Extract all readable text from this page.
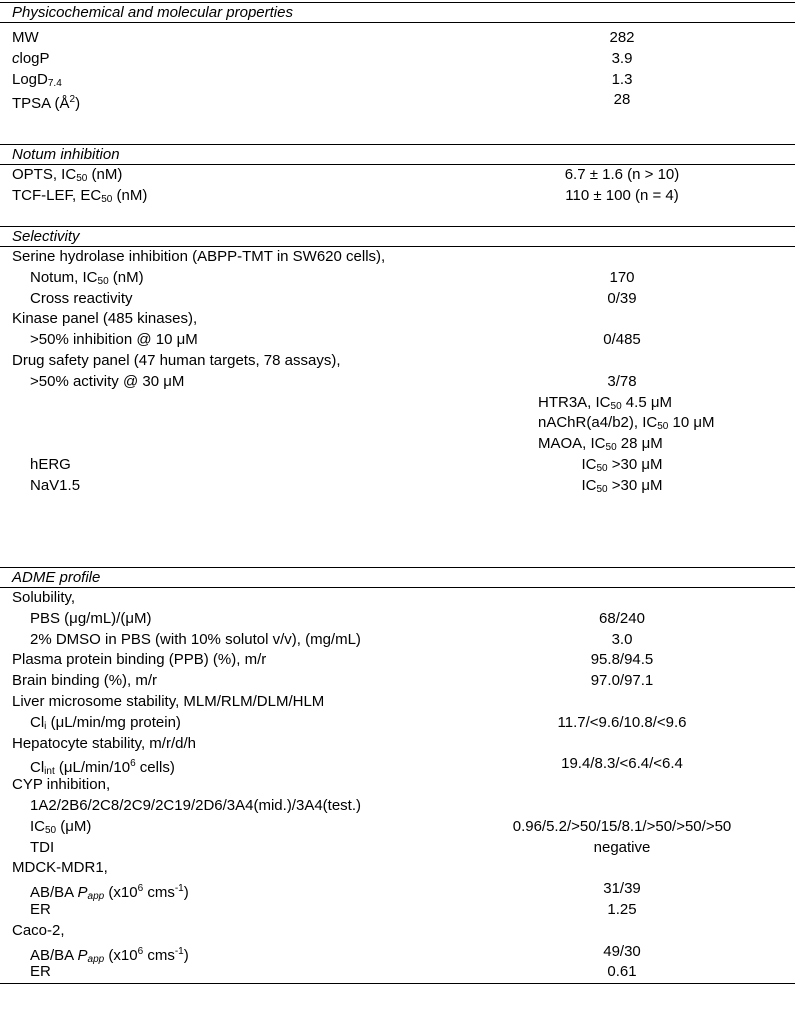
Physicochemical and molecular properties
MW	282
clogP	3.9
LogD$_{7.4}$	1.3
TPSA $(Å^2)$	28
Notum inhibition
OPTS, $IC_{50}$ (nM)	6.7 ± 1.6 (n > 10)
TCF-LEF, $EC_{50}$ (nM)	110 ± 100 (n = 4)
Selectivity
Serine hydrolase inhibition (ABPP-TMT in SW620 cells),
Notum, $IC_{50}$ (nM)	170
Cross reactivity	0/39
Kinase panel (485 kinases),
>50% inhibition @ 10 μM	0/485
Drug safety panel (47 human targets, 78 assays),
>50% activity @ 30 μM	3/78
HTR3A, $IC_{50}$ 4.5 μM
nAChR(a4/b2), $IC_{50}$ 10 μM
MAOA, $IC_{50}$ 28 μM
hERG	$IC_{50} >30$ μM
NaV1.5	$IC_{50} >30$ μM
ADME profile
Solubility,
PBS (μg/mL)/(μM)	68/240
2% DMSO in PBS (with 10% solutol v/v), (mg/mL)	3.0
Plasma protein binding (PPB) (%), m/r	95.8/94.5
Brain binding (%), m/r	97.0/97.1
Liver microsome stability, MLM/RLM/DLM/HLM
$Cl_i$ (μL/min/mg protein)	11.7/<9.6/10.8/<9.6
Hepatocyte stability, m/r/d/h
$Cl_{int}$ ($\mu L/\min/10^6$ cells)	19.4/8.3/<6.4/<6.4
CYP inhibition,
1A2/2B6/2C8/2C9/2C19/2D6/3A4(mid.)/3A4(test.)
$IC_{50}$ (μM)	0.96/5.2/>50/15/8.1/>50/>50/>50
TDI	negative
MDCK-MDR1,
AB/BA $P_{app}$ ($x10^6$ cms$^{-1}$)	31/39
ER	1.25
Caco-2,
AB/BA $P_{app}$ ($x10^6$ cms$^{-1}$)	49/30
ER	0.61
